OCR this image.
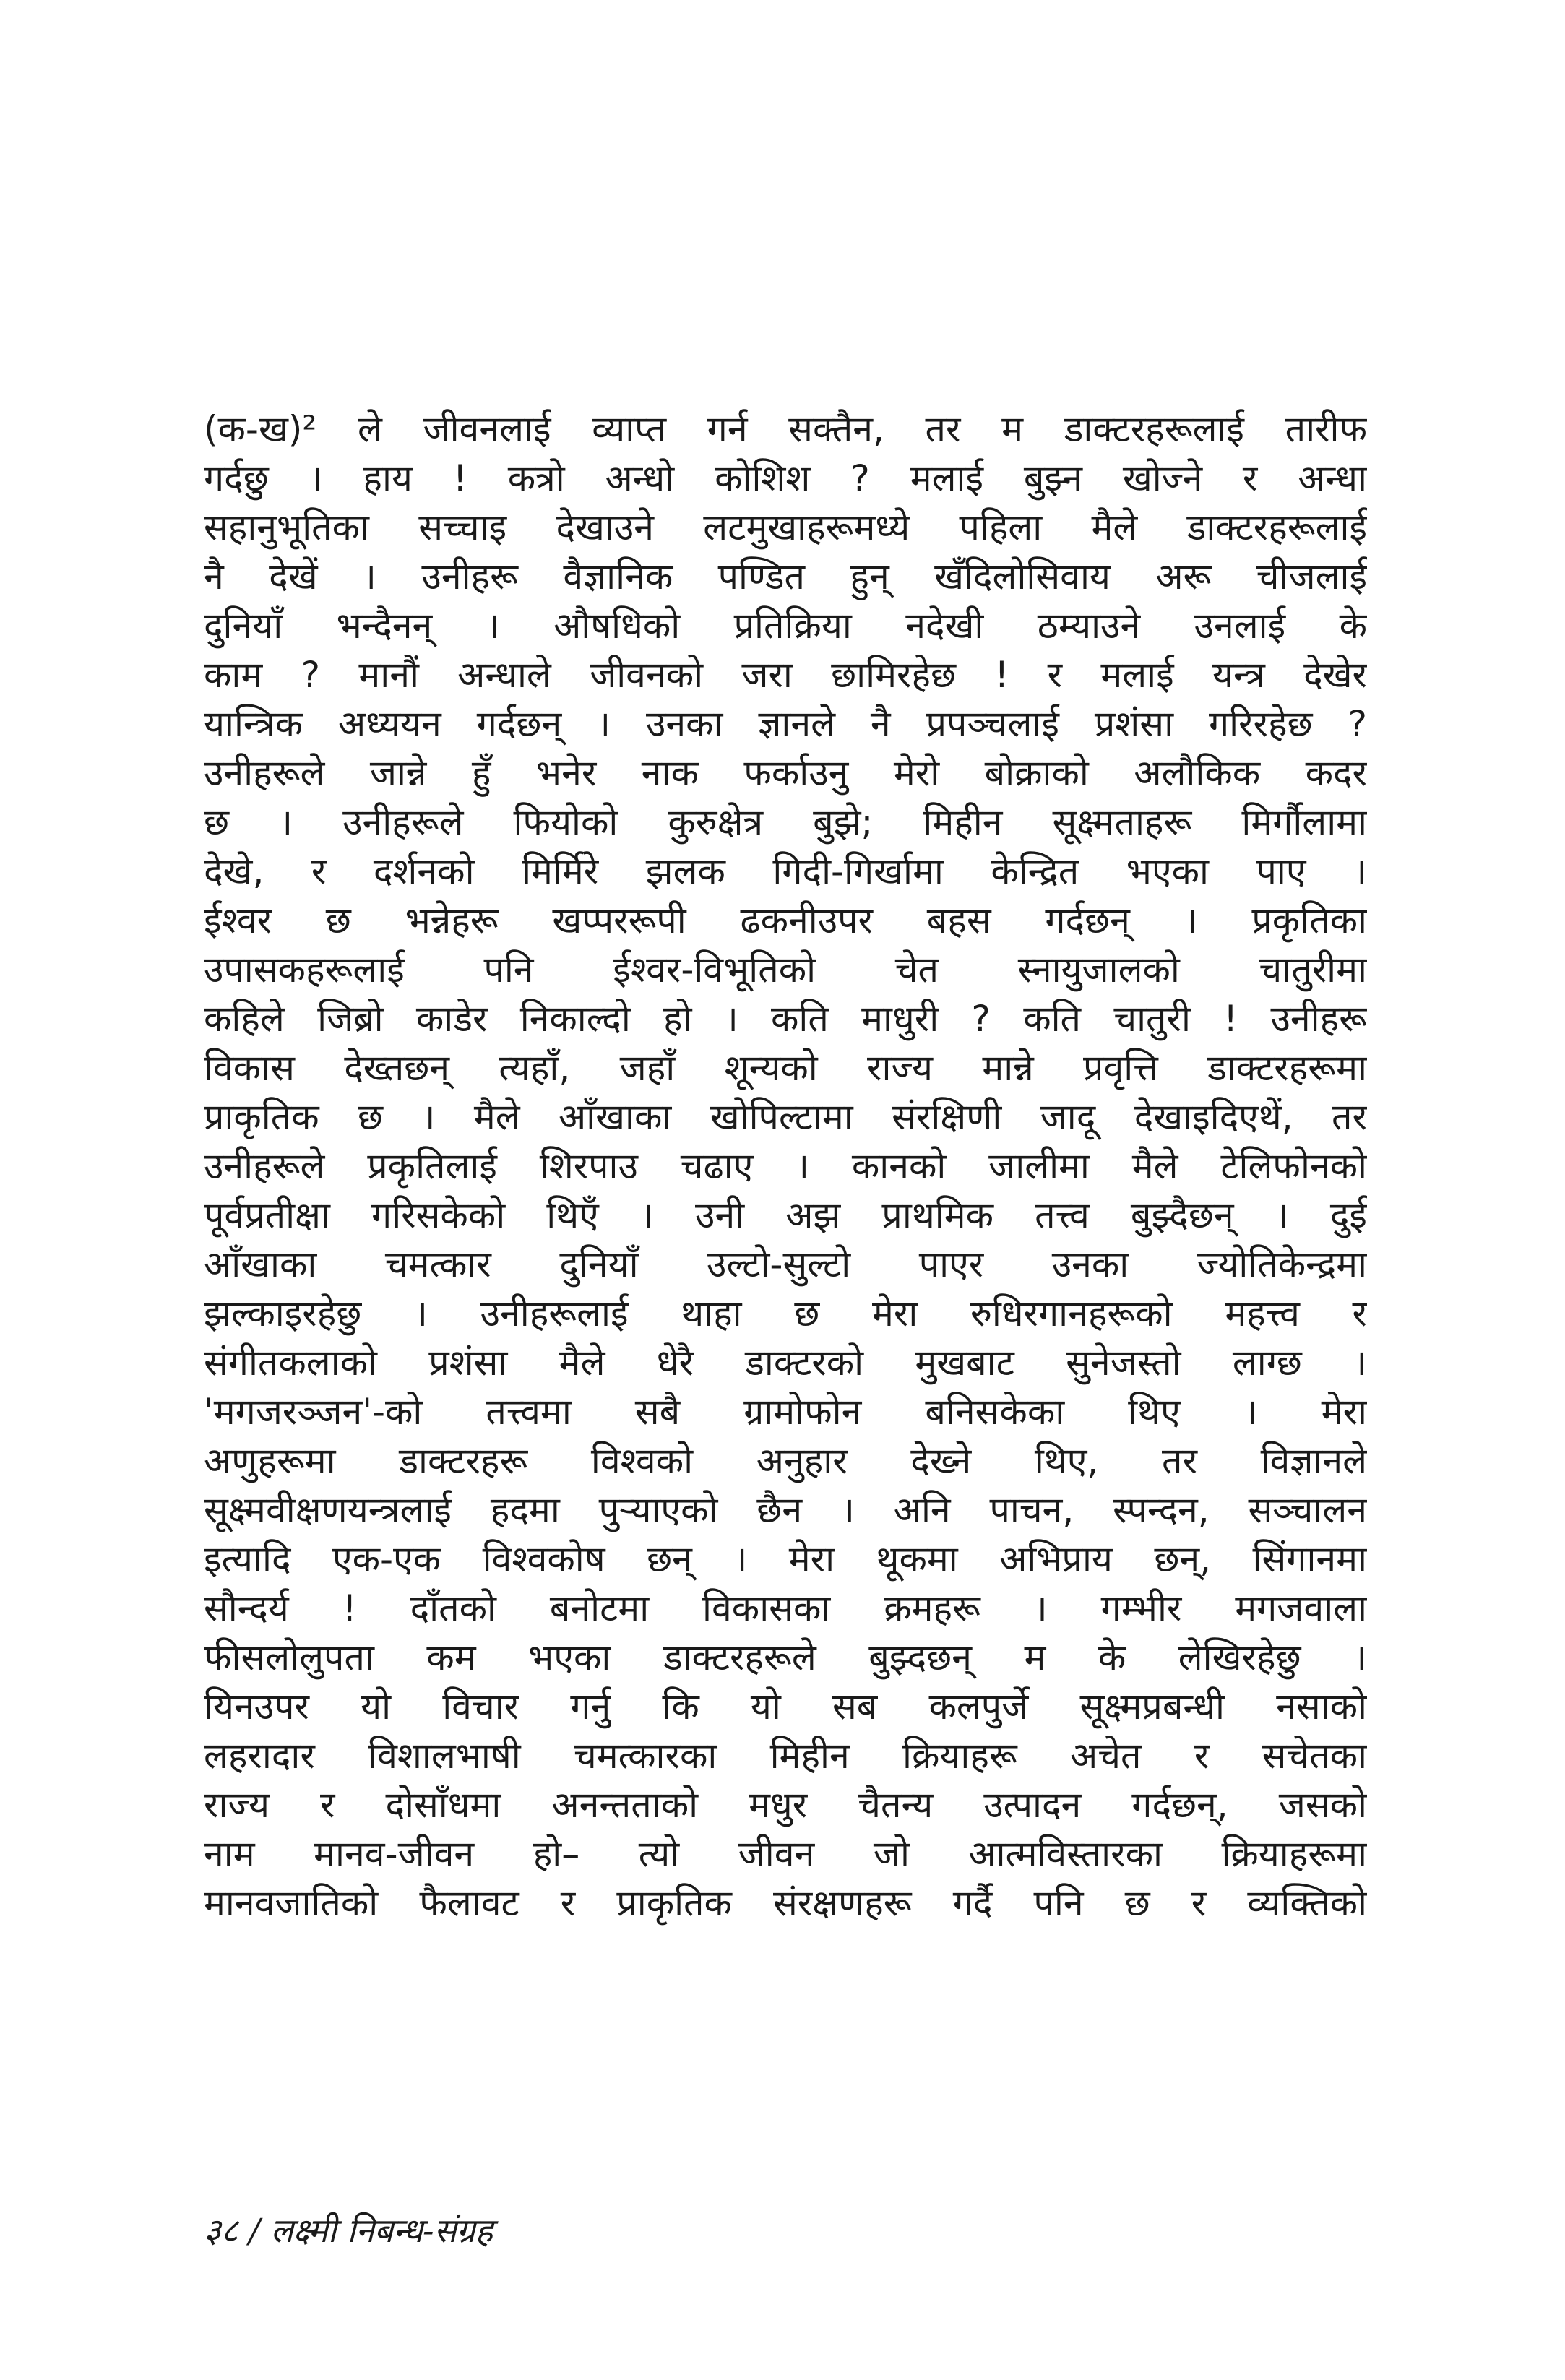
(क-ख)² ले जीवनलाई व्याप्त गर्न सक्तैन, तर म डाक्टरहरूलाई तारीफ
गर्दछु । हाय ! कत्रो अन्धो कोशिश ? मलाई बुझ्न खोज्ने र अन्धा
सहानुभूतिका सच्चाइ देखाउने लटमुखाहरूमध्ये पहिला मैले डाक्टरहरूलाई
नै देखें । उनीहरू वैज्ञानिक पण्डित हुन् खँदिलोसिवाय अरू चीजलाई
दुनियाँ भन्दैनन् । औषधिको प्रतिक्रिया नदेखी ठम्याउने उनलाई के
काम ? मानौं अन्धाले जीवनको जरा छामिरहेछ ! र मलाई यन्त्र देखेर
यान्त्रिक अध्ययन गर्दछन् । उनका ज्ञानले नै प्रपञ्चलाई प्रशंसा गरिरहेछ ?
उनीहरूले जान्ने हुँ भनेर नाक फर्काउनु मेरो बोक्राको अलौकिक कदर
छ । उनीहरूले फियोको कुरुक्षेत्र बुझे; मिहीन सूक्ष्मताहरू मिर्गौलामा
देखे, र दर्शनको मिर्मिरे झलक गिदी-गिर्खामा केन्द्रित भएका पाए ।
ईश्वर छ भन्नेहरू खप्पररूपी ढकनीउपर बहस गर्दछन् । प्रकृतिका
उपासकहरूलाई पनि ईश्वर-विभूतिको चेत स्नायुजालको चातुरीमा
कहिले जिब्रो काडेर निकाल्दो हो । कति माधुरी ? कति चातुरी ! उनीहरू
विकास देख्तछन् त्यहाँ, जहाँ शून्यको राज्य मान्ने प्रवृत्ति डाक्टरहरूमा
प्राकृतिक छ । मैले आँखाका खोपिल्टामा संरक्षिणी जादू देखाइदिएथें, तर
उनीहरूले प्रकृतिलाई शिरपाउ चढाए । कानको जालीमा मैले टेलिफोनको
पूर्वप्रतीक्षा गरिसकेको थिएँ । उनी अझ प्राथमिक तत्त्व बुझ्दैछन् । दुई
आँखाका चमत्कार दुनियाँ उल्टो-सुल्टो पाएर उनका ज्योतिकेन्द्रमा
झल्काइरहेछु । उनीहरूलाई थाहा छ मेरा रुधिरगानहरूको महत्त्व र
संगीतकलाको प्रशंसा मैले धेरै डाक्टरको मुखबाट सुनेजस्तो लाग्छ ।
'मगजरञ्जन'-को तत्त्वमा सबै ग्रामोफोन बनिसकेका थिए । मेरा
अणुहरूमा डाक्टरहरू विश्वको अनुहार देख्ने थिए, तर विज्ञानले
सूक्ष्मवीक्षणयन्त्रलाई हदमा पुऱ्याएको छैन । अनि पाचन, स्पन्दन, सञ्चालन
इत्यादि एक-एक विश्वकोष छन् । मेरा थूकमा अभिप्राय छन्, सिंगानमा
सौन्दर्य ! दाँतको बनोटमा विकासका क्रमहरू । गम्भीर मगजवाला
फीसलोलुपता कम भएका डाक्टरहरूले बुझ्दछन् म के लेखिरहेछु ।
यिनउपर यो विचार गर्नु कि यो सब कलपुर्जे सूक्ष्मप्रबन्धी नसाको
लहरादार विशालभाषी चमत्कारका मिहीन क्रियाहरू अचेत र सचेतका
राज्य र दोसाँधमा अनन्तताको मधुर चैतन्य उत्पादन गर्दछन्, जसको
नाम मानव-जीवन हो– त्यो जीवन जो आत्मविस्तारका क्रियाहरूमा
मानवजातिको फैलावट र प्राकृतिक संरक्षणहरू गर्दै पनि छ र व्यक्तिको
३८ / लक्ष्मी निबन्ध-संग्रह
